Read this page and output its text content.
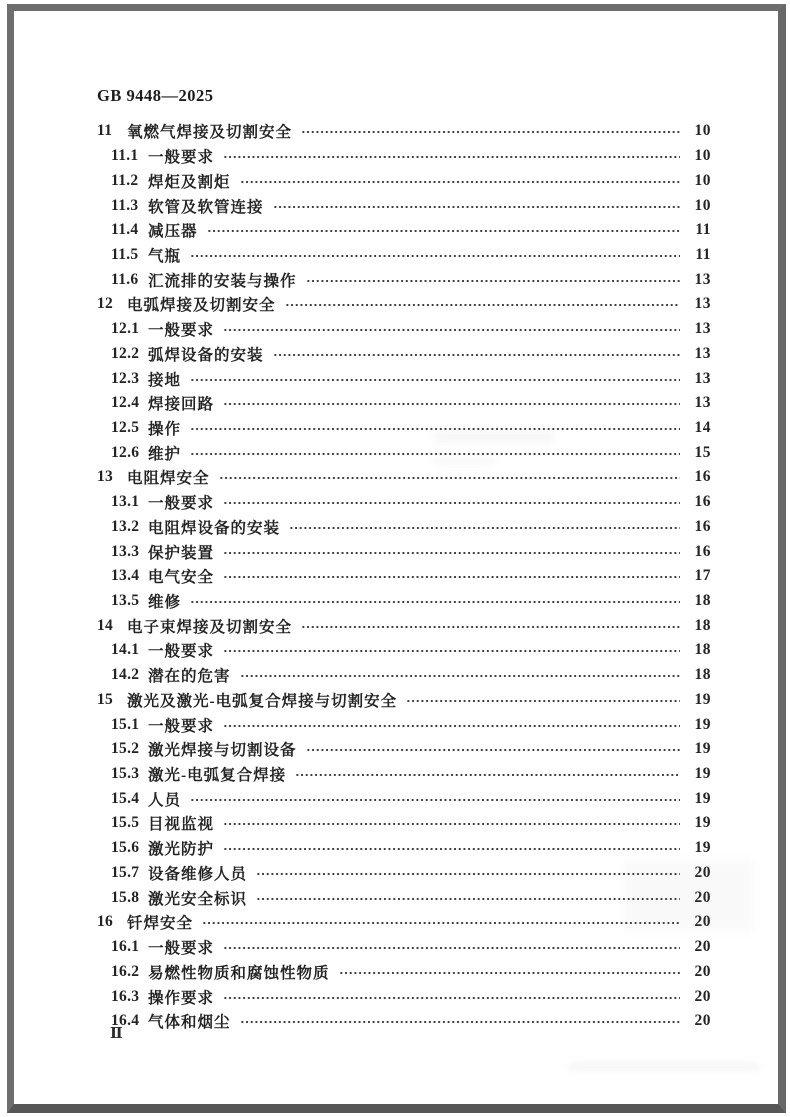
GB 9448—2025
11 氧燃气焊接及切割安全	10
11.1 一般要求	10
11.2 焊炬及割炬	10
11.3 软管及软管连接	10
11.4 减压器	11
11.5 气瓶	11
11.6 汇流排的安装与操作	13
12 电弧焊接及切割安全	13
12.1 一般要求	13
12.2 弧焊设备的安装	13
12.3 接地	13
12.4 焊接回路	13
12.5 操作	14
12.6 维护	15
13 电阻焊安全	16
13.1 一般要求	16
13.2 电阻焊设备的安装	16
13.3 保护装置	16
13.4 电气安全	17
13.5 维修	18
14 电子束焊接及切割安全	18
14.1 一般要求	18
14.2 潜在的危害	18
15 激光及激光-电弧复合焊接与切割安全	19
15.1 一般要求	19
15.2 激光焊接与切割设备	19
15.3 激光-电弧复合焊接	19
15.4 人员	19
15.5 目视监视	19
15.6 激光防护	19
15.7 设备维修人员	20
15.8 激光安全标识	20
16 钎焊安全	20
16.1 一般要求	20
16.2 易燃性物质和腐蚀性物质	20
16.3 操作要求	20
16.4 气体和烟尘	20
Ⅱ
